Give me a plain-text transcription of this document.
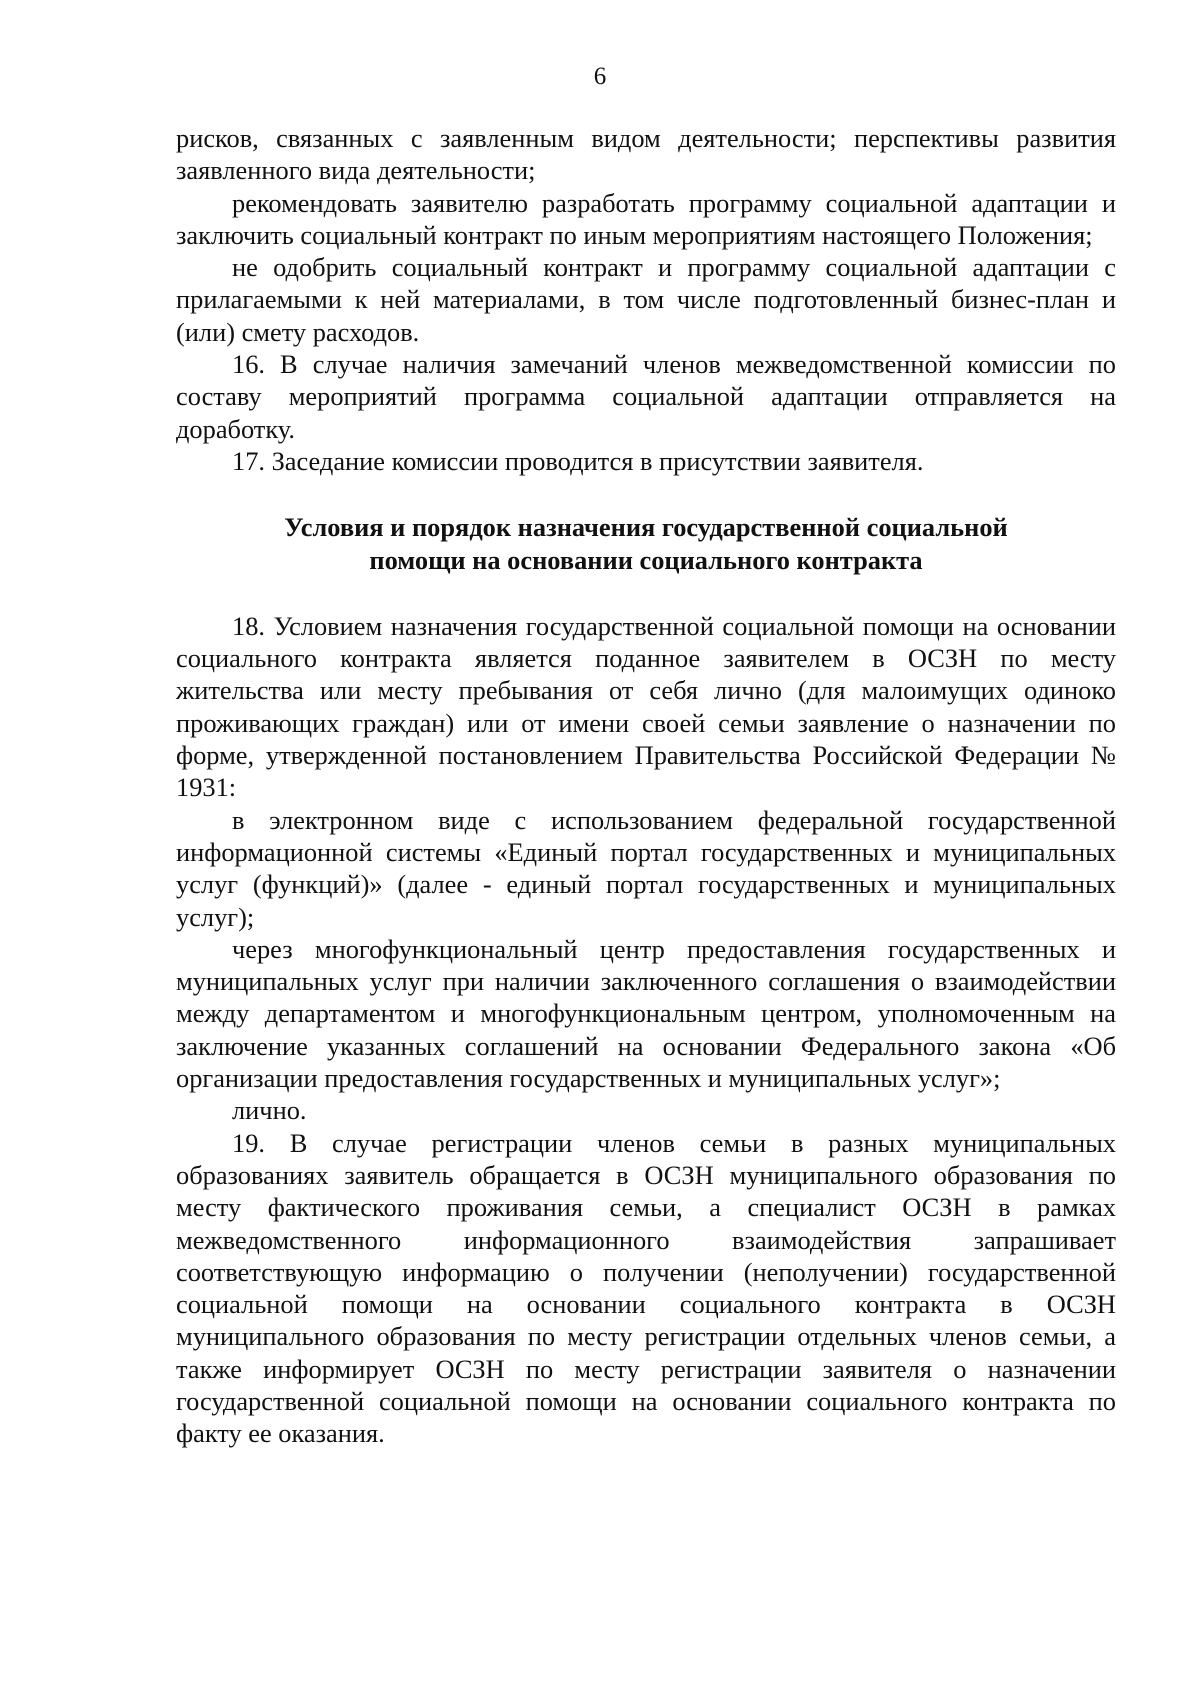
6

рисков, связанных с заявленным видом деятельности; перспективы развития заявленного вида деятельности;

рекомендовать заявителю разработать программу социальной адаптации и заключить социальный контракт по иным мероприятиям настоящего Положения;

не одобрить социальный контракт и программу социальной адаптации с прилагаемыми к ней материалами, в том числе подготовленный бизнес-план и (или) смету расходов.

16. В случае наличия замечаний членов межведомственной комиссии по составу мероприятий программа социальной адаптации отправляется на доработку.

17. Заседание комиссии проводится в присутствии заявителя.

Условия и порядок назначения государственной социальной
помощи на основании социального контракта

18. Условием назначения государственной социальной помощи на основании социального контракта является поданное заявителем в ОСЗН по месту жительства или месту пребывания от себя лично (для малоимущих одиноко проживающих граждан) или от имени своей семьи заявление о назначении по форме, утвержденной постановлением Правительства Российской Федерации № 1931:

в электронном виде с использованием федеральной государственной информационной системы «Единый портал государственных и муниципальных услуг (функций)» (далее - единый портал государственных и муниципальных услуг);

через многофункциональный центр предоставления государственных и муниципальных услуг при наличии заключенного соглашения о взаимодействии между департаментом и многофункциональным центром, уполномоченным на заключение указанных соглашений на основании Федерального закона «Об организации предоставления государственных и муниципальных услуг»;

лично.

19. В случае регистрации членов семьи в разных муниципальных образованиях заявитель обращается в ОСЗН муниципального образования по месту фактического проживания семьи, а специалист ОСЗН в рамках межведомственного информационного взаимодействия запрашивает соответствующую информацию о получении (неполучении) государственной социальной помощи на основании социального контракта в ОСЗН муниципального образования по месту регистрации отдельных членов семьи, а также информирует ОСЗН по месту регистрации заявителя о назначении государственной социальной помощи на основании социального контракта по факту ее оказания.
